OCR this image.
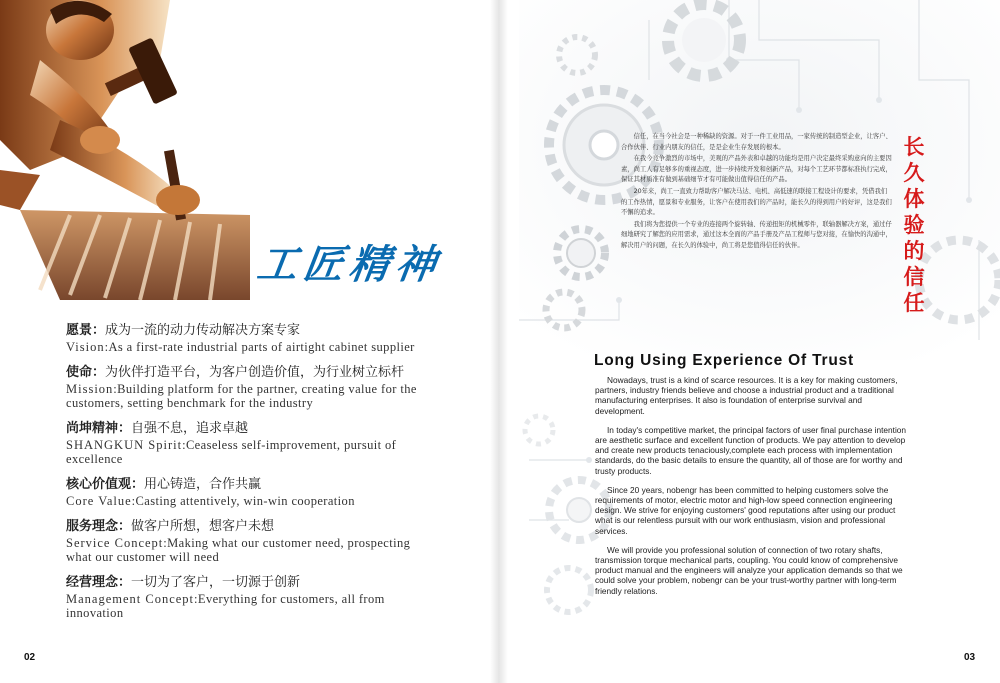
工匠精神
愿景：成为一流的动力传动解决方案专家
Vision:As a first-rate industrial parts of airtight cabinet supplier
使命：为伙伴打造平台，为客户创造价值，为行业树立标杆
Mission:Building platform for the partner, creating value for the customers, setting benchmark for the industry
尚坤精神：自强不息，追求卓越
SHANGKUN Spirit:Ceaseless self-improvement, pursuit of excellence
核心价值观：用心铸造，合作共赢
Core Value:Casting attentively, win-win cooperation
服务理念：做客户所想，想客户未想
Service Concept:Making what our customer need, prospecting what our customer will need
经营理念：一切为了客户，一切源于创新
Management Concept:Everything for customers, all from innovation
02

信任，在当今社会是一种稀缺的资源。对于一件工业用品，一家传统的制造型企业，让客户、合作伙伴、行业内朋友的信任，是是企业生存发展的根本。

在我今竞争激烈的市场中，美观的产品外表和卓越的功能均是用户决定最终采购意向的主要因素，尚工人有足够多的重视态度，进一步持续开发和创新产品，对每个工艺环节都标准执行完成，保证其材质准有做到基础细节才有可能做出值得信任的产品。

20年来，尚工一直致力帮助客户解决马达、电机、高低速的联接工程设计的要求，凭借我们的工作热情，愿景和专业服务，让客户在使用我们的产品时，能长久的得到用户的好评，这是我们不懈的追求。

我们将为您提供一个专业的连接两个旋转轴、传递扭矩的机械零件，联轴器解决方案，通过仔细地研究了解您的应用需求，通过这本全面的产品手册及产品工程师与您对接，在愉快的沟通中，解决用户的问题，在长久的体验中，尚工将是您值得信任的伙伴。

长
久
体
验
的
信
任
Long Using Experience Of Trust

Nowadays, trust is a kind of scarce resources. It is a key for making customers, partners, industry friends believe and choose a industrial product and a traditional manufacturing enterprises. It also is foundation of enterprise survival and development.

In today's competitive market, the principal factors of user final purchase intention are aesthetic surface and excellent function of products. We pay attention to develop and create new products tenaciously,complete each process with implementation standards, do the basic details to ensure the quantity, all of those are for worthy and trusty products.

Since 20 years, nobengr has been committed to helping customers solve the requirements of motor, electric motor and high-low speed connection engineering design. We strive for enjoying customers' good reputations after using our product what is our relentless pursuit with our work enthusiasm, vision and professional services.

We will provide you professional solution of connection of two rotary shafts, transmission torque mechanical parts, coupling. You could know of comprehensive product manual and the engineers will analyze your application demands so that we could solve your problem, nobengr can be your trust-worthy partner with long-term friendly relations.

03
